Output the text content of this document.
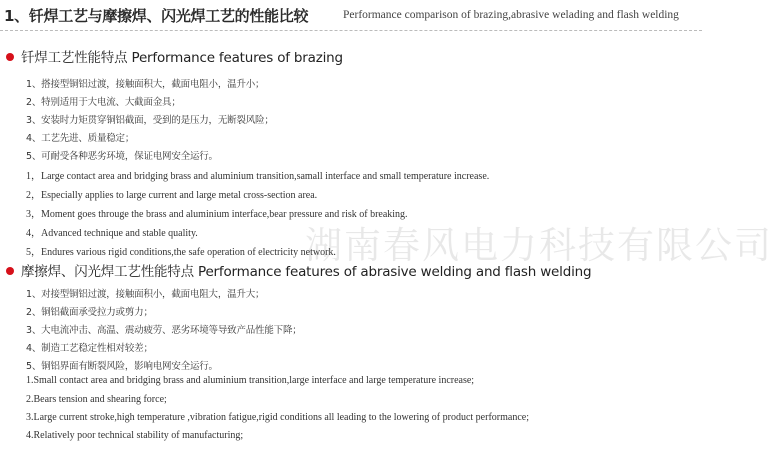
1、钎焊工艺与摩擦焊、闪光焊工艺的性能比较	Performance comparison of brazing,abrasive welading and flash welding
钎焊工艺性能特点 Performance features of brazing
1、搭接型铜铝过渡，接触面积大，截面电阻小，温升小；
2、特别适用于大电流、大截面金具；
3、安装时力矩贯穿铜铝截面，受到的是压力，无断裂风险；
4、工艺先进、质量稳定；
5、可耐受各种恶劣环境，保证电网安全运行。
1，Large contact area and bridging brass and aluminium transition,samall interface and small temperature increase.
2，Especially applies to large current and large metal cross-section area.
3，Moment goes througe the brass and aluminium interface,bear pressure and risk of breaking.
4，Advanced technique and stable quality.
5，Endures various rigid conditions,the safe operation of electricity network.
湖南春风电力科技有限公司
摩擦焊、闪光焊工艺性能特点 Performance features of abrasive welding and flash welding
1、对接型铜铝过渡，接触面积小，截面电阻大，温升大；
2、铜铝截面承受拉力或剪力；
3、大电流冲击、高温、震动疲劳、恶劣环境等导致产品性能下降；
4、制造工艺稳定性相对较差；
5、铜铝界面有断裂风险，影响电网安全运行。
1.Small contact area and bridging brass and aluminium transition,large interface and large temperature increase;
2.Bears tension and shearing force;
3.Large current stroke,high temperature ,vibration fatigue,rigid conditions all leading to the lowering of product performance;
4.Relatively poor technical stability of manufacturing;
